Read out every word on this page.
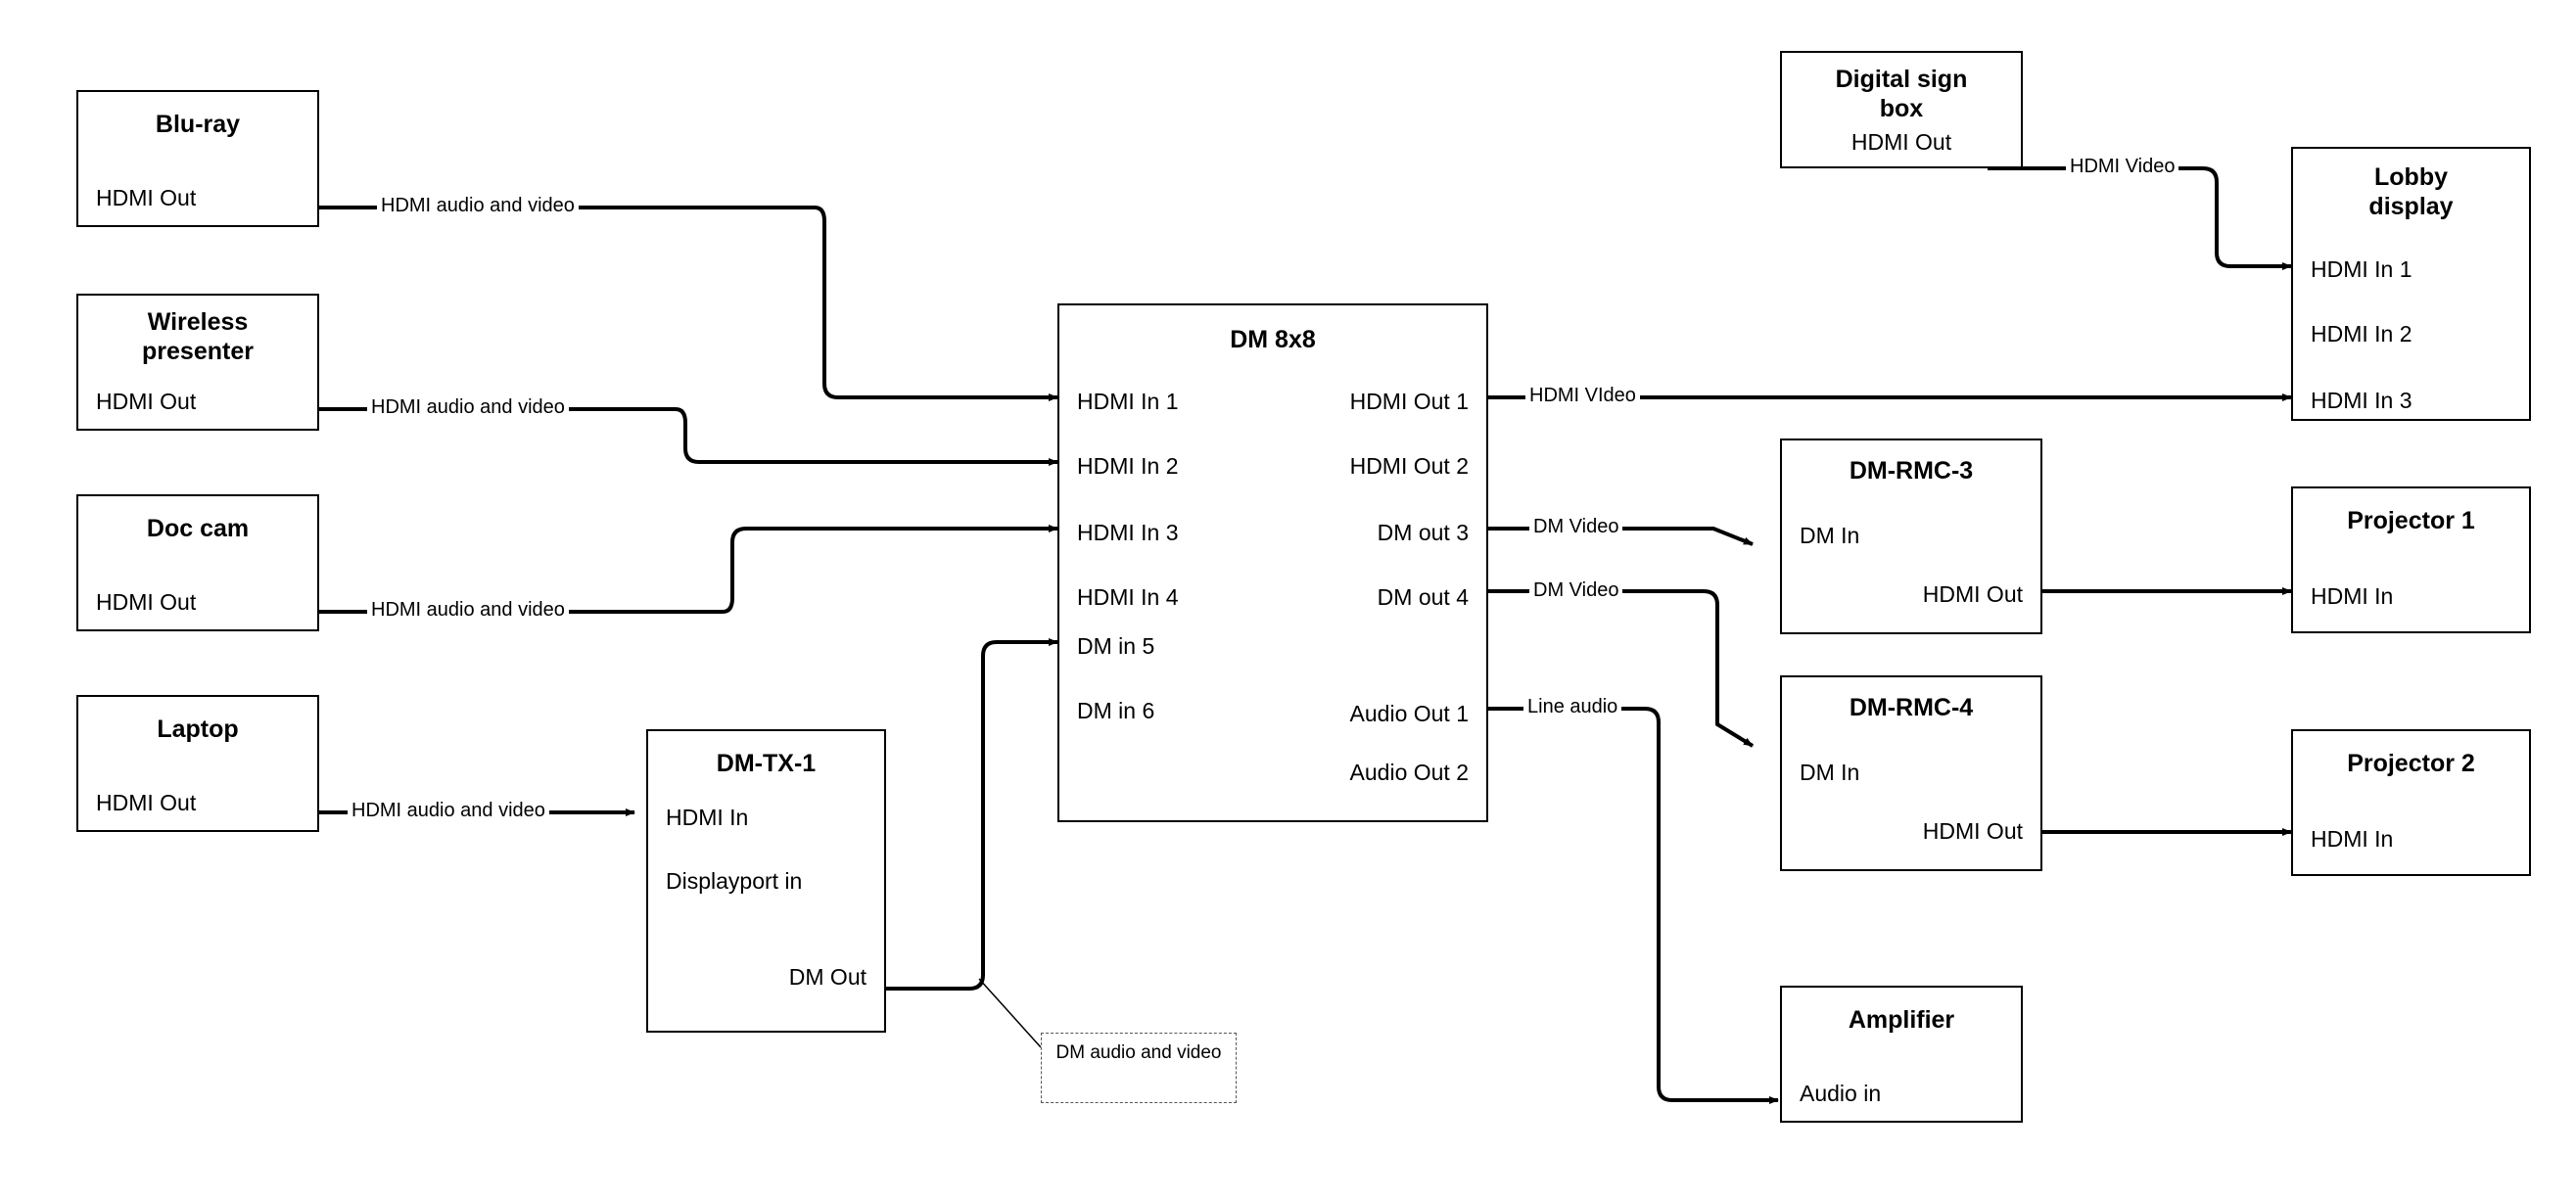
Blu-ray
HDMI Out
Wireless presenter
HDMI Out
Doc cam
HDMI Out
Laptop
HDMI Out
DM-TX-1
HDMI In
Displayport in
DM Out
DM 8x8
HDMI In 1
HDMI In 2
HDMI In 3
HDMI In 4
DM in 5
DM in 6
HDMI Out 1
HDMI Out 2
DM out 3
DM out 4
Audio Out 1
Audio Out 2
Digital sign box
HDMI Out
Lobby display
HDMI In 1
HDMI In 2
HDMI In 3
DM-RMC-3
DM In
HDMI Out
DM-RMC-4
DM In
HDMI Out
Projector 1
HDMI In
Projector 2
HDMI In
Amplifier
Audio in
HDMI audio and video
HDMI audio and video
HDMI audio and video
HDMI audio and video
HDMI Video
HDMI VIdeo
DM Video
DM Video
Line audio
DM audio and video
